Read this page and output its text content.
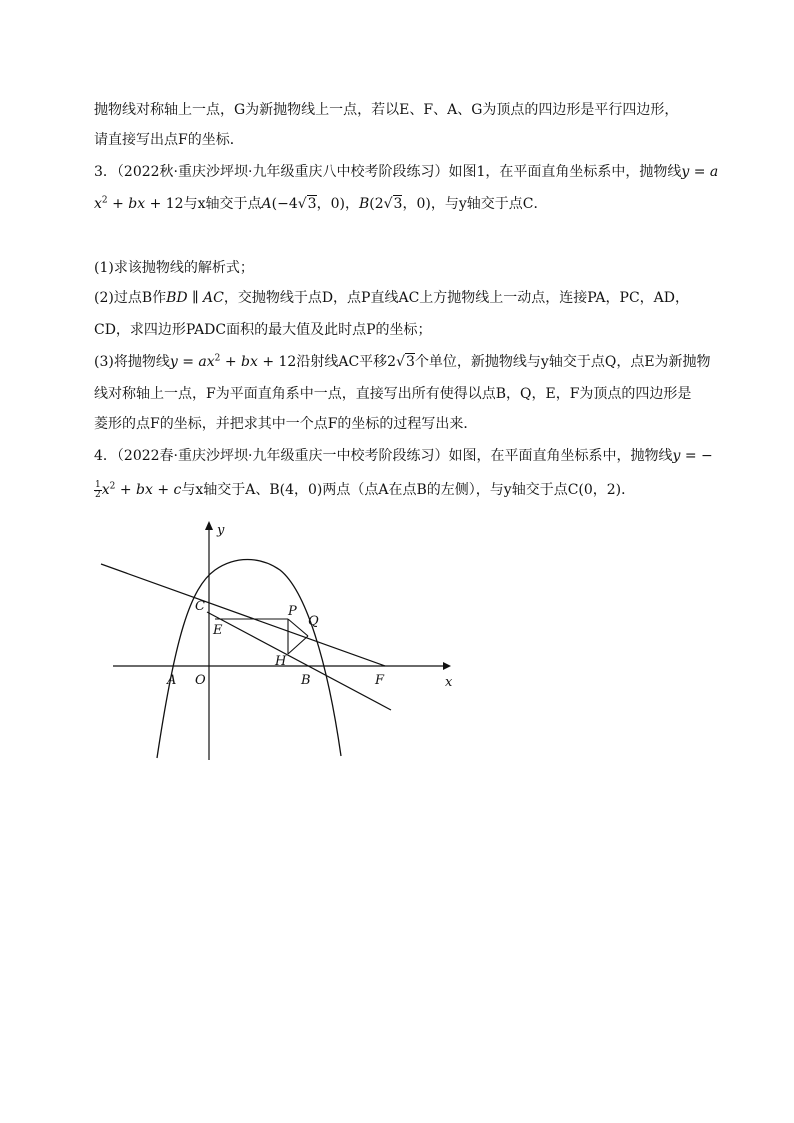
抛物线对称轴上一点，G为新抛物线上一点，若以E、F、A、G为顶点的四边形是平行四边形，
请直接写出点F的坐标．
3．（2022秋·重庆沙坪坝·九年级重庆八中校考阶段练习）如图1，在平面直角坐标系中，抛物线y = a
$x^2$ + bx + 12与x轴交于点A(−4√3，0)，B(2√3，0)，与y轴交于点C．
(1)求该抛物线的解析式；
(2)过点B作BD ∥ AC，交抛物线于点D，点P直线AC上方抛物线上一动点，连接PA，PC，AD，
CD，求四边形PADC面积的最大值及此时点P的坐标；
(3)将抛物线$y = ax^2$ + bx + 12沿射线AC平移2√3个单位，新抛物线与y轴交于点Q，点E为新抛物
线对称轴上一点，F为平面直角系中一点，直接写出所有使得以点B，Q，E，F为顶点的四边形是
菱形的点F的坐标，并把求其中一个点F的坐标的过程写出来．
4．（2022春·重庆沙坪坝·九年级重庆一中校考阶段练习）如图，在平面直角坐标系中，抛物线y = −
$\frac{1}{2} x^2$ + bx + c与x轴交于A、B(4，0)两点（点A在点B的左侧），与y轴交于点C(0，2)．
y
x
C
E
P
Q
H
A O	B	F
